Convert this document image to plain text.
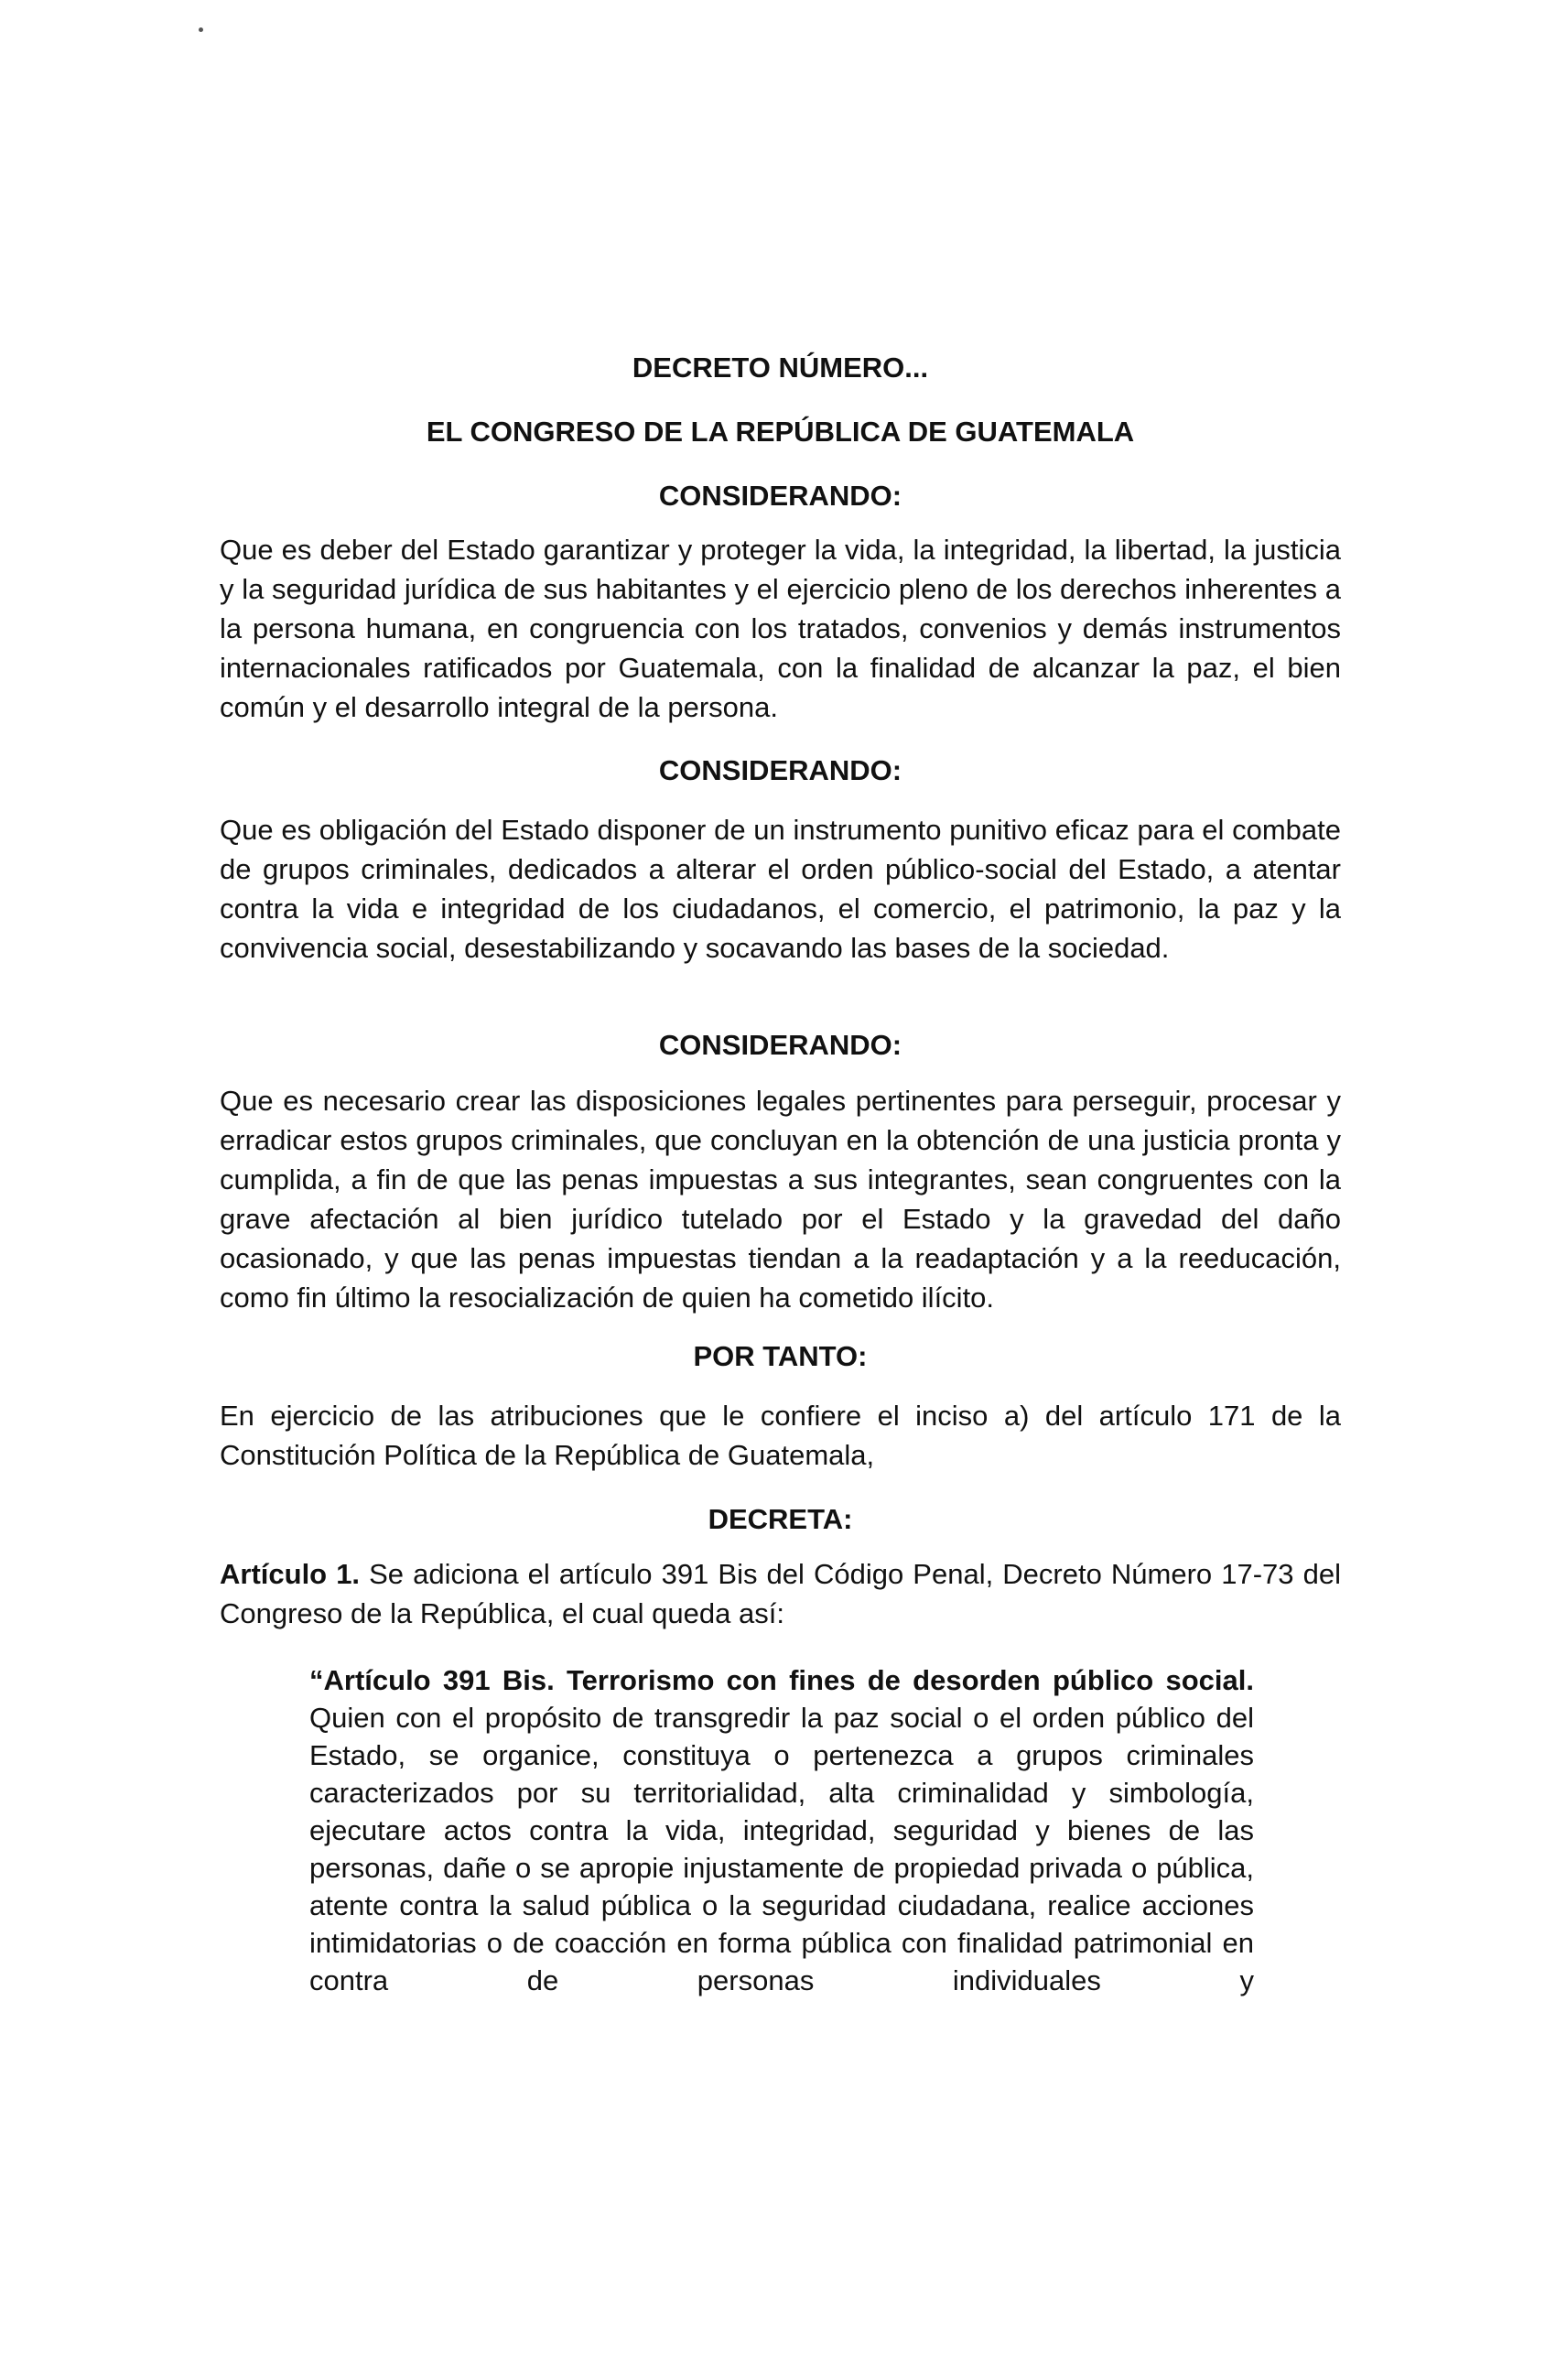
DECRETO NÚMERO...
EL CONGRESO DE LA REPÚBLICA DE GUATEMALA
CONSIDERANDO:

Que es deber del Estado garantizar y proteger la vida, la integridad, la libertad, la justicia y la seguridad jurídica de sus habitantes y el ejercicio pleno de los derechos inherentes a la persona humana, en congruencia con los tratados, convenios y demás instrumentos internacionales ratificados por Guatemala, con la finalidad de alcanzar la paz, el bien común y el desarrollo integral de la persona.

CONSIDERANDO:

Que es obligación del Estado disponer de un instrumento punitivo eficaz para el combate de grupos criminales, dedicados a alterar el orden público-social del Estado, a atentar contra la vida e integridad de los ciudadanos, el comercio, el patrimonio, la paz y la convivencia social, desestabilizando y socavando las bases de la sociedad.

CONSIDERANDO:

Que es necesario crear las disposiciones legales pertinentes para perseguir, procesar y erradicar estos grupos criminales, que concluyan en la obtención de una justicia pronta y cumplida, a fin de que las penas impuestas a sus integrantes, sean congruentes con la grave afectación al bien jurídico tutelado por el Estado y la gravedad del daño ocasionado, y que las penas impuestas tiendan a la readaptación y a la reeducación, como fin último la resocialización de quien ha cometido ilícito.

POR TANTO:

En ejercicio de las atribuciones que le confiere el inciso a) del artículo 171 de la Constitución Política de la República de Guatemala,

DECRETA:

Artículo 1. Se adiciona el artículo 391 Bis del Código Penal, Decreto Número 17-73 del Congreso de la República, el cual queda así:

“Artículo 391 Bis. Terrorismo con fines de desorden público social. Quien con el propósito de transgredir la paz social o el orden público del Estado, se organice, constituya o pertenezca a grupos criminales caracterizados por su territorialidad, alta criminalidad y simbología, ejecutare actos contra la vida, integridad, seguridad y bienes de las personas, dañe o se apropie injustamente de propiedad privada o pública, atente contra la salud pública o la seguridad ciudadana, realice acciones intimidatorias o de coacción en forma pública con finalidad patrimonial en contra de personas individuales y
